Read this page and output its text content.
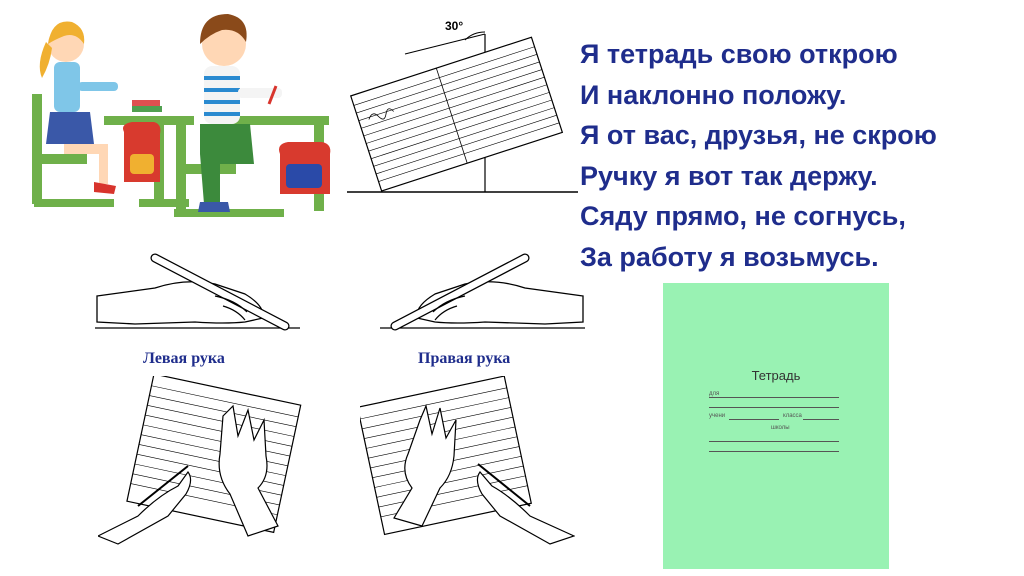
30°
Я тетрадь свою открою
И наклонно положу.
Я от вас, друзья, не скрою
Ручку я вот так держу.
Сяду прямо, не согнусь,
За работу я возьмусь.
Левая рука	Правая рука
Тетрадь
для
учени	класса
школы
